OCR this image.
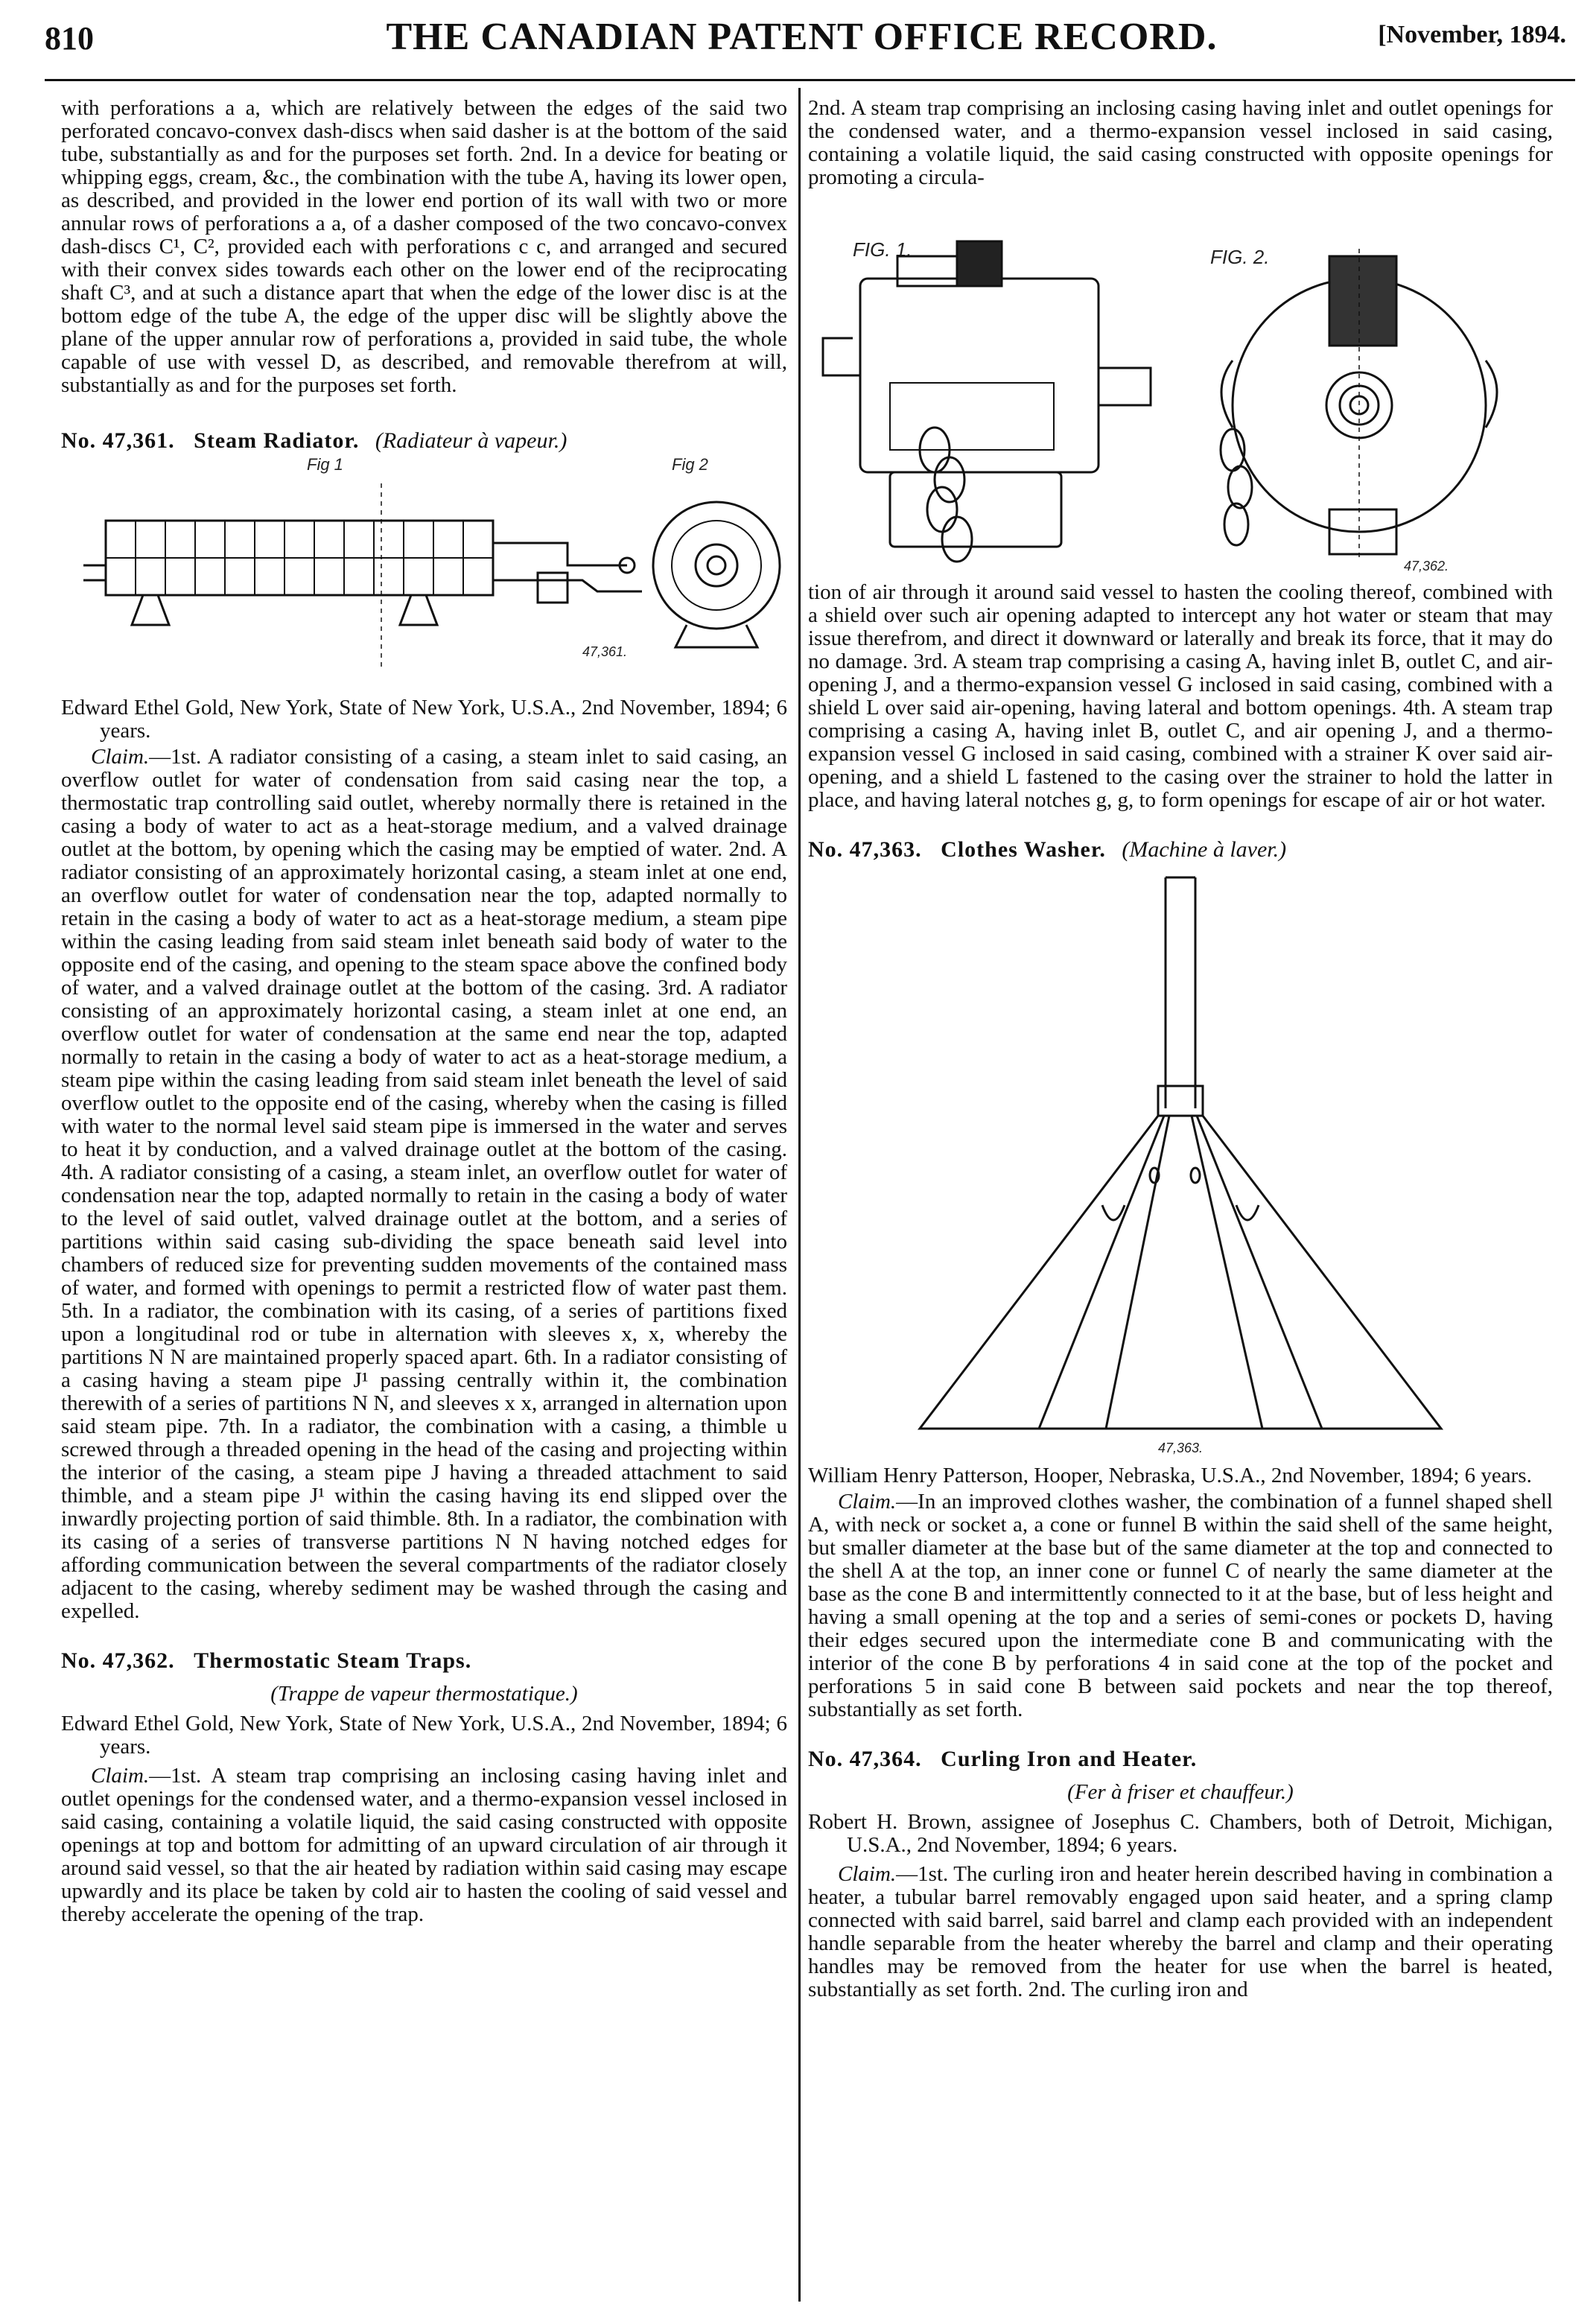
810	THE CANADIAN PATENT OFFICE RECORD.	[November, 1894.

with perforations a a, which are relatively between the edges of the said two perforated concavo-convex dash-discs when said dasher is at the bottom of the said tube, substantially as and for the purposes set forth. 2nd. In a device for beating or whipping eggs, cream, &c., the combination with the tube A, having its lower open, as described, and provided in the lower end portion of its wall with two or more annular rows of perforations a a, of a dasher composed of the two concavo-convex dash-discs C¹, C², provided each with perforations c c, and arranged and secured with their convex sides towards each other on the lower end of the reciprocating shaft C³, and at such a distance apart that when the edge of the lower disc is at the bottom edge of the tube A, the edge of the upper disc will be slightly above the plane of the upper annular row of perforations a, provided in said tube, the whole capable of use with vessel D, as described, and removable therefrom at will, substantially as and for the purposes set forth.

No. 47,361. Steam Radiator. (Radiateur à vapeur.)
Fig 1	Fig 2
47,361.

Edward Ethel Gold, New York, State of New York, U.S.A., 2nd November, 1894; 6 years.

Claim.—1st. A radiator consisting of a casing, a steam inlet to said casing, an overflow outlet for water of condensation from said casing near the top, a thermostatic trap controlling said outlet, whereby normally there is retained in the casing a body of water to act as a heat-storage medium, and a valved drainage outlet at the bottom, by opening which the casing may be emptied of water. 2nd. A radiator consisting of an approximately horizontal casing, a steam inlet at one end, an overflow outlet for water of condensation near the top, adapted normally to retain in the casing a body of water to act as a heat-storage medium, a steam pipe within the casing leading from said steam inlet beneath said body of water to the opposite end of the casing, and opening to the steam space above the confined body of water, and a valved drainage outlet at the bottom of the casing. 3rd. A radiator consisting of an approximately horizontal casing, a steam inlet at one end, an overflow outlet for water of condensation at the same end near the top, adapted normally to retain in the casing a body of water to act as a heat-storage medium, a steam pipe within the casing leading from said steam inlet beneath the level of said overflow outlet to the opposite end of the casing, whereby when the casing is filled with water to the normal level said steam pipe is immersed in the water and serves to heat it by conduction, and a valved drainage outlet at the bottom of the casing. 4th. A radiator consisting of a casing, a steam inlet, an overflow outlet for water of condensation near the top, adapted normally to retain in the casing a body of water to the level of said outlet, valved drainage outlet at the bottom, and a series of partitions within said casing sub-dividing the space beneath said level into chambers of reduced size for preventing sudden movements of the contained mass of water, and formed with openings to permit a restricted flow of water past them. 5th. In a radiator, the combination with its casing, of a series of partitions fixed upon a longitudinal rod or tube in alternation with sleeves x, x, whereby the partitions N N are maintained properly spaced apart. 6th. In a radiator consisting of a casing having a steam pipe J¹ passing centrally within it, the combination therewith of a series of partitions N N, and sleeves x x, arranged in alternation upon said steam pipe. 7th. In a radiator, the combination with a casing, a thimble u screwed through a threaded opening in the head of the casing and projecting within the interior of the casing, a steam pipe J having a threaded attachment to said thimble, and a steam pipe J¹ within the casing having its end slipped over the inwardly projecting portion of said thimble. 8th. In a radiator, the combination with its casing of a series of transverse partitions N N having notched edges for affording communication between the several compartments of the radiator closely adjacent to the casing, whereby sediment may be washed through the casing and expelled.

No. 47,362. Thermostatic Steam Traps.
(Trappe de vapeur thermostatique.)

Edward Ethel Gold, New York, State of New York, U.S.A., 2nd November, 1894; 6 years.

Claim.—1st. A steam trap comprising an inclosing casing having inlet and outlet openings for the condensed water, and a thermo-expansion vessel inclosed in said casing, containing a volatile liquid, the said casing constructed with opposite openings at top and bottom for admitting of an upward circulation of air through it around said vessel, so that the air heated by radiation within said casing may escape upwardly and its place be taken by cold air to hasten the cooling of said vessel and thereby accelerate the opening of the trap.

2nd. A steam trap comprising an inclosing casing having inlet and outlet openings for the condensed water, and a thermo-expansion vessel inclosed in said casing, containing a volatile liquid, the said casing constructed with opposite openings for promoting a circula-

FIG. 1.	FIG. 2.
47,362.

tion of air through it around said vessel to hasten the cooling thereof, combined with a shield over such air opening adapted to intercept any hot water or steam that may issue therefrom, and direct it downward or laterally and break its force, that it may do no damage. 3rd. A steam trap comprising a casing A, having inlet B, outlet C, and air-opening J, and a thermo-expansion vessel G inclosed in said casing, combined with a shield L over said air-opening, having lateral and bottom openings. 4th. A steam trap comprising a casing A, having inlet B, outlet C, and air opening J, and a thermo-expansion vessel G inclosed in said casing, combined with a strainer K over said air-opening, and a shield L fastened to the casing over the strainer to hold the latter in place, and having lateral notches g, g, to form openings for escape of air or hot water.

No. 47,363. Clothes Washer. (Machine à laver.)
47,363.

William Henry Patterson, Hooper, Nebraska, U.S.A., 2nd November, 1894; 6 years.

Claim.—In an improved clothes washer, the combination of a funnel shaped shell A, with neck or socket a, a cone or funnel B within the said shell of the same height, but smaller diameter at the base but of the same diameter at the top and connected to the shell A at the top, an inner cone or funnel C of nearly the same diameter at the base as the cone B and intermittently connected to it at the base, but of less height and having a small opening at the top and a series of semi-cones or pockets D, having their edges secured upon the intermediate cone B and communicating with the interior of the cone B by perforations 4 in said cone at the top of the pocket and perforations 5 in said cone B between said pockets and near the top thereof, substantially as set forth.

No. 47,364. Curling Iron and Heater.
(Fer à friser et chauffeur.)

Robert H. Brown, assignee of Josephus C. Chambers, both of Detroit, Michigan, U.S.A., 2nd November, 1894; 6 years.

Claim.—1st. The curling iron and heater herein described having in combination a heater, a tubular barrel removably engaged upon said heater, and a spring clamp connected with said barrel, said barrel and clamp each provided with an independent handle separable from the heater whereby the barrel and clamp and their operating handles may be removed from the heater for use when the barrel is heated, substantially as set forth. 2nd. The curling iron and
